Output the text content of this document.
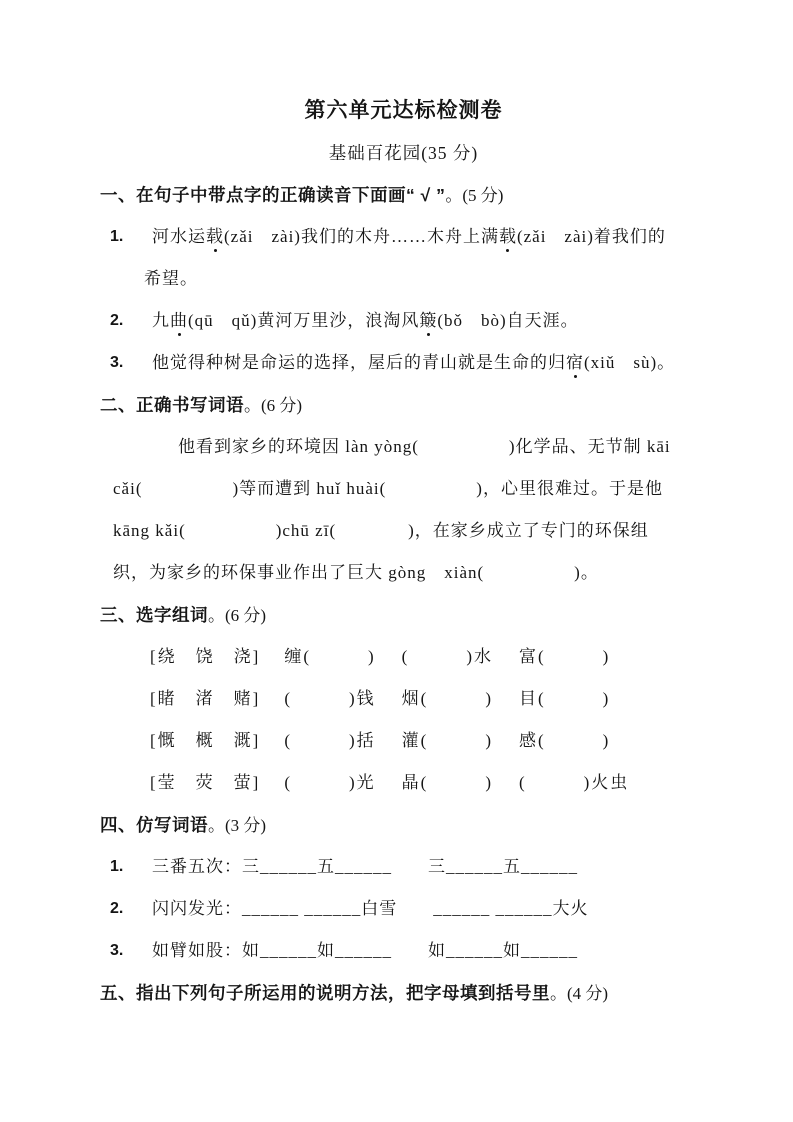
第六单元达标检测卷
基础百花园(35 分)
一、在句子中带点字的正确读音下面画“ √ ”。(5 分)
1.	河水运载(zǎi　zài)我们的木舟……木舟上满载(zǎi　zài)着我们的
希望。
2.	九曲(qū　qǔ)黄河万里沙，浪淘风簸(bǒ　bò)自天涯。
3.	他觉得种树是命运的选择，屋后的青山就是生命的归宿(xiǔ　sù)。
二、正确书写词语。(6 分)
他看到家乡的环境因 làn yòng(　　　　　)化学品、无节制 kāi
cǎi(　　　　　)等而遭到 huǐ huài(　　　　　)，心里很难过。于是他
kāng kǎi(　　　　　)chū zī(　　　　)，在家乡成立了专门的环保组
织，为家乡的环保事业作出了巨大 gòng　xiàn(　　　　　)。
三、选字组词。(6 分)
[绕　饶　浇] 缠(　　　) (　　　)水 富(　　　)
[睹　渚　赌] (　　　)钱 烟(　　　) 目(　　　)
[慨　概　溉] (　　　)括 灌(　　　) 感(　　　)
[莹　荧　萤] (　　　)光 晶(　　　) (　　　)火虫
四、仿写词语。(3 分)
1.	三番五次：三______五______　　三______五______
2.	闪闪发光：______ ______白雪　　______ ______大火
3.	如臂如股：如______如______　　如______如______
五、指出下列句子所运用的说明方法，把字母填到括号里。(4 分)
